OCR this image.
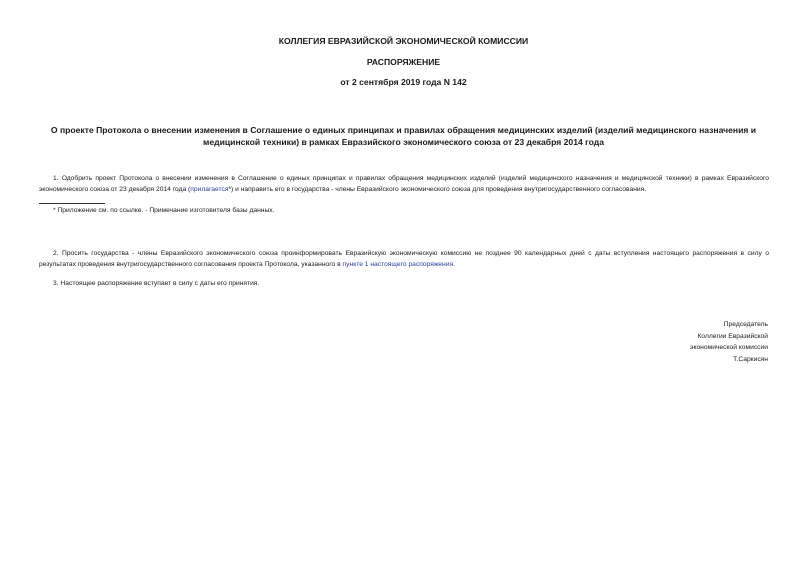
КОЛЛЕГИЯ ЕВРАЗИЙСКОЙ ЭКОНОМИЧЕСКОЙ КОМИССИИ
РАСПОРЯЖЕНИЕ
от 2 сентября 2019 года N 142
О проекте Протокола о внесении изменения в Соглашение о единых принципах и правилах обращения медицинских изделий (изделий медицинского назначения и медицинской техники) в рамках Евразийского экономического союза от 23 декабря 2014 года
1. Одобрить проект Протокола о внесении изменения в Соглашение о единых принципах и правилах обращения медицинских изделий (изделий медицинского назначения и медицинской техники) в рамках Евразийского экономического союза от 23 декабря 2014 года (прилагается*) и направить его в государства - члены Евразийского экономического союза для проведения внутригосударственного согласования.
* Приложение см. по ссылке. - Примечание изготовителя базы данных.
2. Просить государства - члены Евразийского экономического союза проинформировать Евразийскую экономическую комиссию не позднее 90 календарных дней с даты вступления настоящего распоряжения в силу о результатах проведения внутригосударственного согласования проекта Протокола, указанного в пункте 1 настоящего распоряжения.
3. Настоящее распоряжение вступает в силу с даты его принятия.
Председатель
Коллегии Евразийской
экономической комиссии
Т.Саркисян
